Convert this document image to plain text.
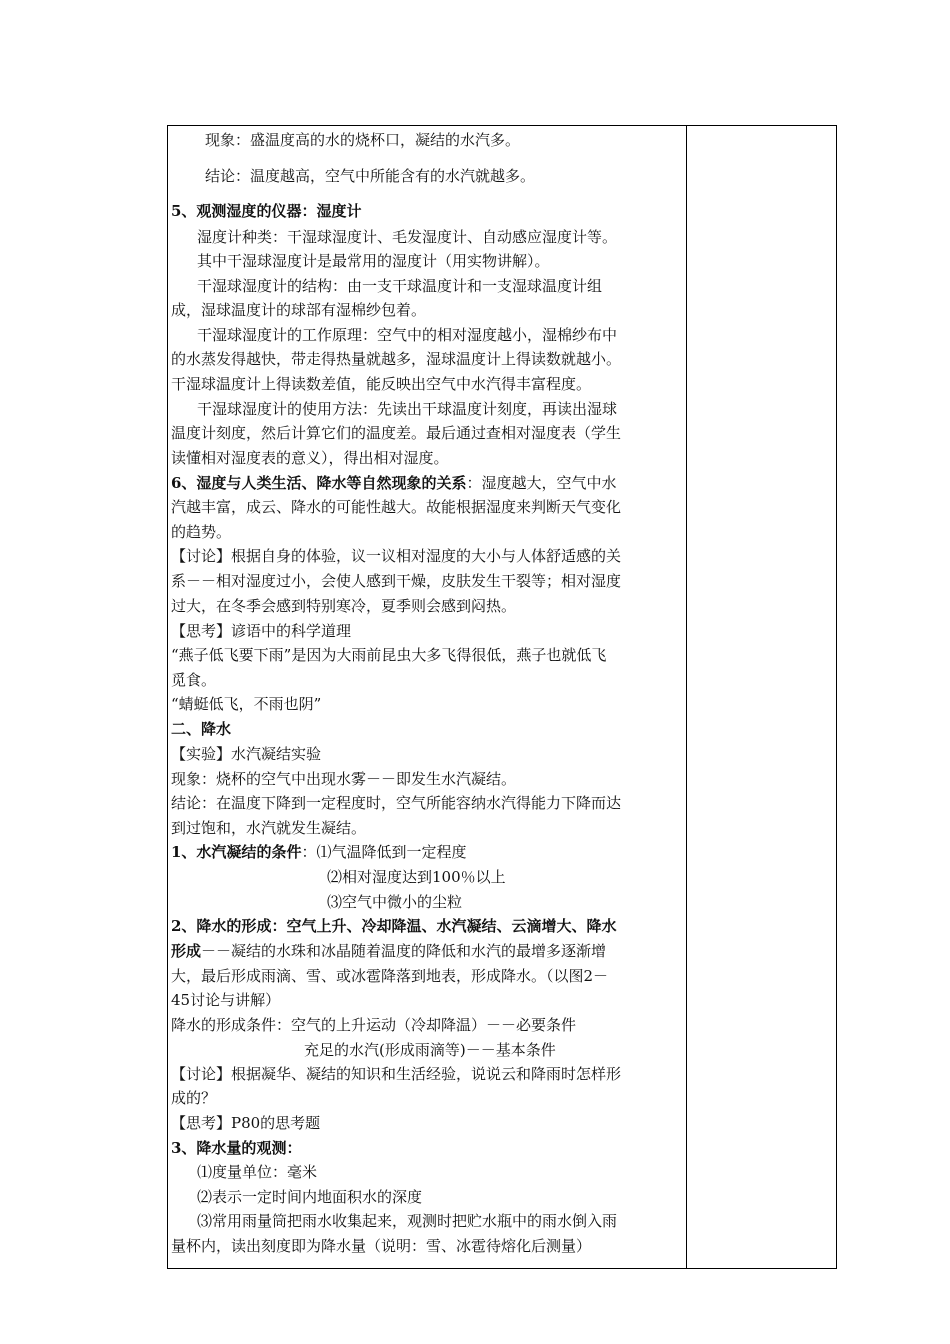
现象：盛温度高的水的烧杯口，凝结的水汽多。
结论：温度越高，空气中所能含有的水汽就越多。
5、观测湿度的仪器：湿度计
湿度计种类：干湿球湿度计、毛发湿度计、自动感应湿度计等。
其中干湿球湿度计是最常用的湿度计（用实物讲解）。
干湿球湿度计的结构：由一支干球温度计和一支湿球温度计组
成，湿球温度计的球部有湿棉纱包着。
干湿球湿度计的工作原理：空气中的相对湿度越小，湿棉纱布中
的水蒸发得越快，带走得热量就越多，湿球温度计上得读数就越小。
干湿球温度计上得读数差值，能反映出空气中水汽得丰富程度。
干湿球湿度计的使用方法：先读出干球温度计刻度，再读出湿球
温度计刻度，然后计算它们的温度差。最后通过查相对湿度表（学生
读懂相对湿度表的意义），得出相对湿度。
6、湿度与人类生活、降水等自然现象的关系：湿度越大，空气中水
汽越丰富，成云、降水的可能性越大。故能根据湿度来判断天气变化
的趋势。
【讨论】根据自身的体验，议一议相对湿度的大小与人体舒适感的关
系－－相对湿度过小，会使人感到干燥，皮肤发生干裂等；相对湿度
过大，在冬季会感到特别寒冷，夏季则会感到闷热。
【思考】谚语中的科学道理
“燕子低飞要下雨”是因为大雨前昆虫大多飞得很低，燕子也就低飞
觅食。
“蜻蜓低飞，不雨也阴”
二、降水
【实验】水汽凝结实验
现象：烧杯的空气中出现水雾－－即发生水汽凝结。
结论：在温度下降到一定程度时，空气所能容纳水汽得能力下降而达
到过饱和，水汽就发生凝结。
1、水汽凝结的条件：⑴气温降低到一定程度
⑵相对湿度达到100％以上
⑶空气中微小的尘粒
2、降水的形成：空气上升、冷却降温、水汽凝结、云滴增大、降水
形成－－凝结的水珠和冰晶随着温度的降低和水汽的最增多逐渐增
大，最后形成雨滴、雪、或冰雹降落到地表，形成降水。（以图2－
45讨论与讲解）
降水的形成条件：空气的上升运动（冷却降温）－－必要条件
充足的水汽(形成雨滴等)－－基本条件
【讨论】根据凝华、凝结的知识和生活经验，说说云和降雨时怎样形
成的？
【思考】P80的思考题
3、降水量的观测：
⑴度量单位：毫米
⑵表示一定时间内地面积水的深度
⑶常用雨量筒把雨水收集起来，观测时把贮水瓶中的雨水倒入雨
量杯内，读出刻度即为降水量（说明：雪、冰雹待熔化后测量）
